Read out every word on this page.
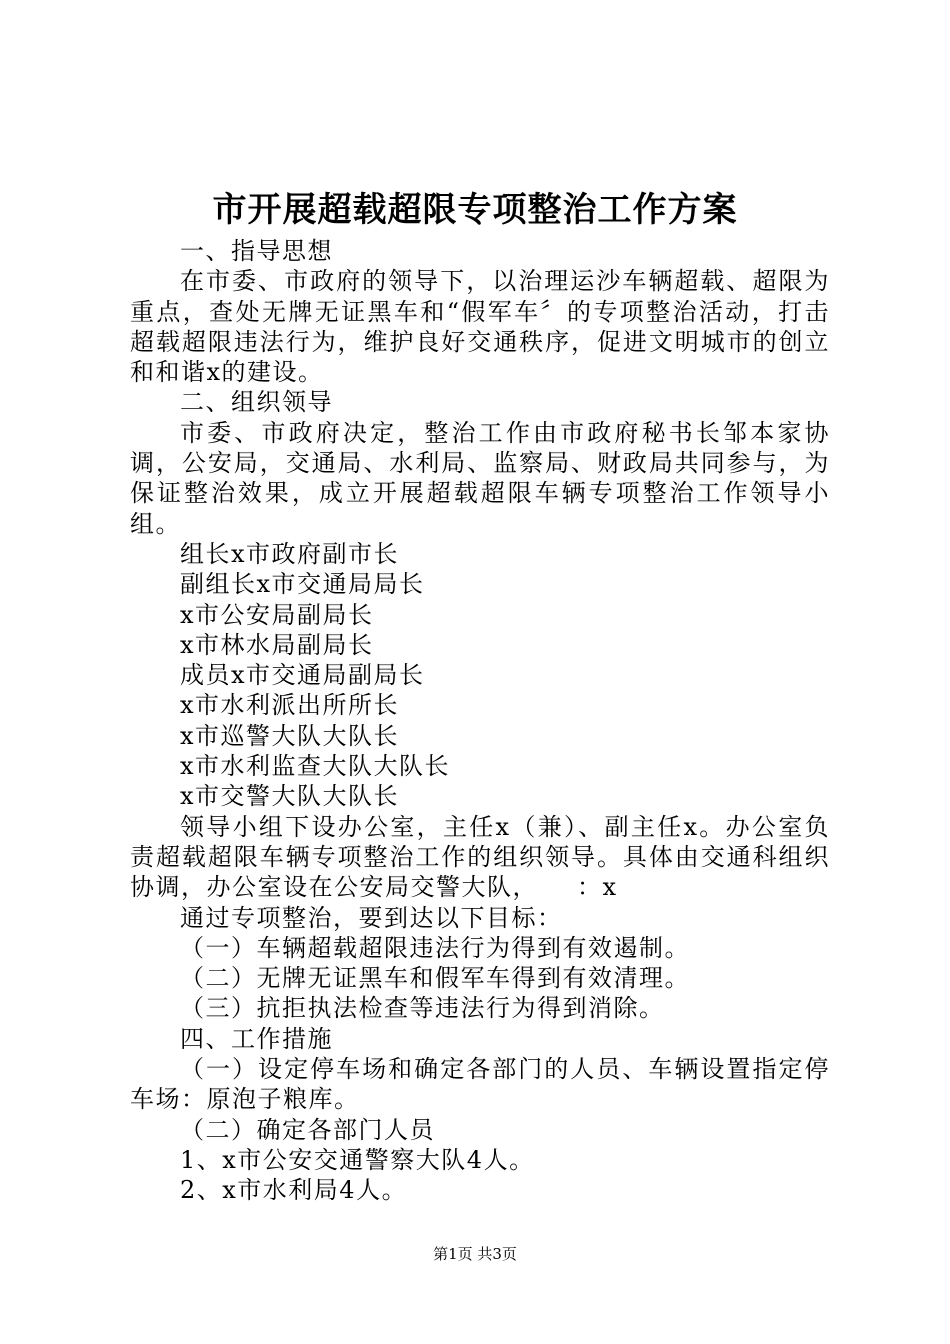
市开展超载超限专项整治工作方案

一、指导思想

在市委、市政府的领导下，以治理运沙车辆超载、超限为重点，查处无牌无证黑车和“假军车〞的专项整治活动，打击超载超限违法行为，维护良好交通秩序，促进文明城市的创立和和谐x的建设。

二、组织领导

市委、市政府决定，整治工作由市政府秘书长邹本家协调，公安局，交通局、水利局、监察局、财政局共同参与，为保证整治效果，成立开展超载超限车辆专项整治工作领导小组。

组长x市政府副市长

副组长x市交通局局长

x市公安局副局长

x市林水局副局长

成员x市交通局副局长

x市水利派出所所长

x市巡警大队大队长

x市水利监查大队大队长

x市交警大队大队长

领导小组下设办公室，主任x（兼）、副主任x。办公室负责超载超限车辆专项整治工作的组织领导。具体由交通科组织协调，办公室设在公安局交警大队，　　：x

通过专项整治，要到达以下目标：

（一）车辆超载超限违法行为得到有效遏制。

（二）无牌无证黑车和假军车得到有效清理。

（三）抗拒执法检查等违法行为得到消除。

四、工作措施

（一）设定停车场和确定各部门的人员、车辆设置指定停车场：原泡子粮库。

（二）确定各部门人员

1、x市公安交通警察大队4人。

2、x市水利局4人。

第1页 共3页
